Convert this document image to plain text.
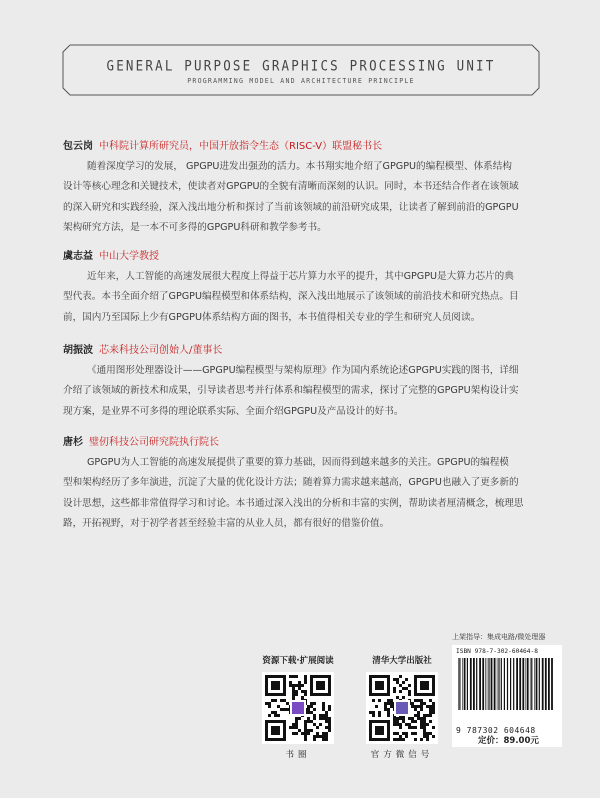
GENERAL PURPOSE GRAPHICS PROCESSING UNIT
PROGRAMMING MODEL AND ARCHITECTURE PRINCIPLE
包云岗 中科院计算所研究员，中国开放指令生态（RISC-V）联盟秘书长
随着深度学习的发展， GPGPU进发出强劲的活力。本书翔实地介绍了GPGPU的编程模型、体系结构
设计等核心理念和关键技术，使读者对GPGPU的全貌有清晰而深刻的认识。同时，本书还结合作者在该领域
的深入研究和实践经验，深入浅出地分析和探讨了当前该领域的前沿研究成果，让读者了解到前沿的GPGPU
架构研究方法，是一本不可多得的GPGPU科研和教学参考书。
虞志益 中山大学教授
近年来，人工智能的高速发展很大程度上得益于芯片算力水平的提升，其中GPGPU是大算力芯片的典
型代表。本书全面介绍了GPGPU编程模型和体系结构，深入浅出地展示了该领域的前沿技术和研究热点。目
前，国内乃至国际上少有GPGPU体系结构方面的图书，本书值得相关专业的学生和研究人员阅读。
胡振波 芯来科技公司创始人/董事长
《通用图形处理器设计——GPGPU编程模型与架构原理》作为国内系统论述GPGPU实践的图书，详细
介绍了该领域的新技术和成果，引导读者思考并行体系和编程模型的需求，探讨了完整的GPGPU架构设计实
现方案，是业界不可多得的理论联系实际、全面介绍GPGPU及产品设计的好书。
唐杉 璧仞科技公司研究院执行院长
GPGPU为人工智能的高速发展提供了重要的算力基础，因而得到越来越多的关注。GPGPU的编程模
型和架构经历了多年演进，沉淀了大量的优化设计方法；随着算力需求越来越高，GPGPU也融入了更多新的
设计思想，这些都非常值得学习和讨论。本书通过深入浅出的分析和丰富的实例，帮助读者厘清概念，梳理思
路，开拓视野，对于初学者甚至经验丰富的从业人员，都有很好的借鉴价值。
资源下载·扩展阅读
书圈
清华大学出版社
官方微信号
上架指导：集成电路/微处理器
ISBN 978-7-302-60464-8
9 787302 604648
定价：89.00元
